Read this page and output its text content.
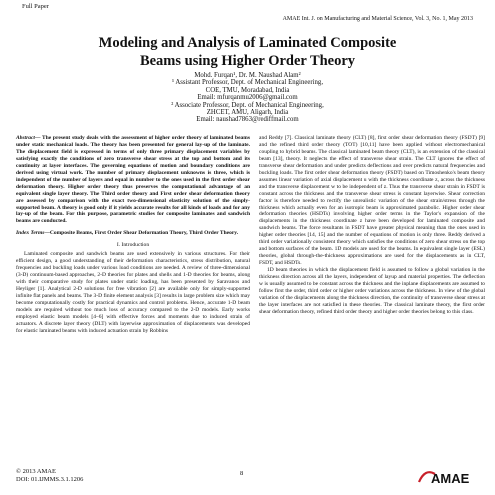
Full Paper
AMAE Int. J. on Manufacturing and Material Science, Vol. 3, No. 1, May 2013
Modeling and Analysis of Laminated Composite
Beams using Higher Order Theory
Mohd. Furqan¹, Dr. M. Naushad Alam²
¹ Assistant Professor, Dept. of Mechanical Engineering,
COE, TMU, Moradabad, India
Email: mfurqanmu2006@gmail.com
² Associate Professor, Dept. of Mechanical Engineering,
ZHCET, AMU, Aligarh, India
Email: naushad7863@rediffmail.com

Abstract— The present study deals with the assessment of higher order theory of laminated beams under static mechanical loads. The theory has been presented for general lay-up of the laminate. The displacement field is expressed in terms of only three primary displacement variables by satisfying exactly the conditions of zero transverse shear stress at the top and bottom and its continuity at layer interfaces. The governing equations of motion and boundary conditions are derived using virtual work. The number of primary displacement unknowns is three, which is independent of the number of layers and equal in number to the ones used in the first order shear deformation theory. Higher order theory thus preserves the computational advantage of an equivalent single layer theory. The Third order theory and First order shear deformation theory are assessed by comparison with the exact two-dimensional elasticity solution of the simply-supported beam. A theory is good only if it yields accurate results for all kinds of loads and for any lay-up of the beam. For this purpose, parametric studies for composite laminates and sandwich beams are conducted.

Index Terms—Composite Beams, First Order Shear Deformation Theory, Third Order Theory.

I. Introduction

Laminated composite and sandwich beams are used extensively in various structures. For their efficient design, a good understanding of their deformation characteristics, stress distribution, natural frequencies and buckling loads under various load conditions are needed. A review of three-dimensional (3-D) continuum-based approaches, 2-D theories for plates and shells and 1-D theories for beams, along with their comparative study for plates under static loading, has been presented by Saravanos and Heyliger [1]. Analytical 2-D solutions for free vibration [2] are available only for simply-supported infinite flat panels and beams. The 3-D finite element analysis [3] results in large problem size which may become computationally costly for practical dynamics and control problems. Hence, accurate 1-D beam models are required without too much loss of accuracy compared to the 2-D models. Early works employed elastic beam models [4–6] with effective forces and moments due to induced strain of actuators. A discrete layer theory (DLT) with layerwise approximation of displacements was developed for elastic laminated beams with induced actuation strain by Robbins

and Reddy [7]. Classical laminate theory (CLT) [8], first order shear deformation theory (FSDT) [9] and the refined third order theory (TOT) [10,11] have been applied without electromechanical coupling to hybrid beams. The classical laminated beam theory (CLT), is an extension of the classical beam [13], theory. It neglects the effect of transverse shear strain. The CLT ignores the effect of transverse shear deformation and under predicts deflections and over predicts natural frequencies and buckling loads. The first order shear deformation theory (FSDT) based on Timoshenko's beam theory assumes linear variation of axial displacement u with the thickness coordinate z, across the thickness and the transverse displacement w to be independent of z. Thus the transverse shear strain in FSDT is constant across the thickness and the transverse shear stress is constant layerwise. Shear correction factor is therefore needed to rectify the unrealistic variation of the shear strain/stress through the thickness which actually even for an isotropic beam is approximated parabolic. Higher order shear deformation theories (HSDTs) involving higher order terms in the Taylor's expansion of the displacements in the thickness coordinate z have been developed for laminated composite and sandwich beams. The force resultants in FSDT have greater physical meaning than the ones used in higher order theories [14, 15] and the number of equations of motion is only three. Reddy derived a third order variationally consistent theory which satisfies the conditions of zero shear stress on the top and bottom surfaces of the beam. 1D models are used for the beams. In equivalent single layer (ESL) theories, global through-the-thickness approximations are used for the displacements as in CLT, FSDT, and HSDTs.

1D beam theories in which the displacement field is assumed to follow a global variation in the thickness direction across all the layers, independent of layup and material properties. The deflection w is usually assumed to be constant across the thickness and the inplane displacements are assumed to follow first the order, third order or higher order variations across the thickness. In view of the global variation of the displacements along the thickness direction, the continuity of transverse shear stress at the layer interfaces are not satisfied in these theories. The classical laminate theory, the first order shear deformation theory, refined third order theory and higher order theories belong to this class.

© 2013 AMAE
DOI: 01.IJMMS.3.1.1206
8	AMAE
